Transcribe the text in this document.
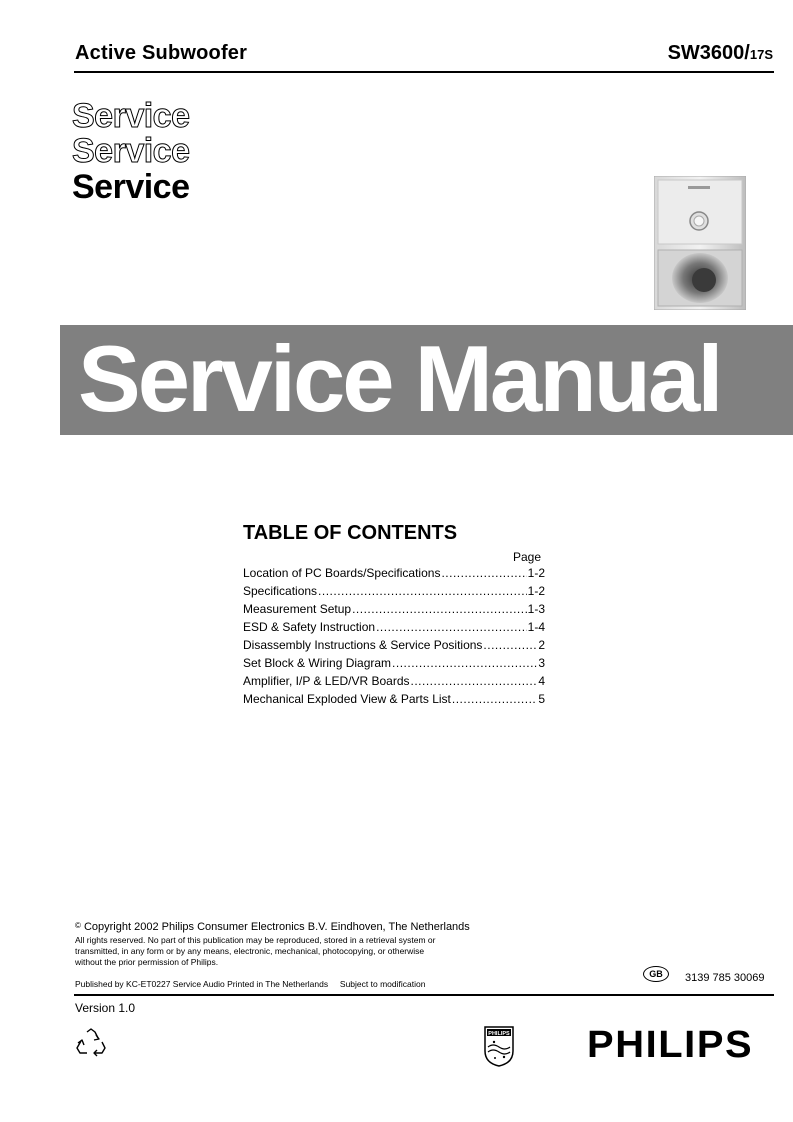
Active Subwoofer	SW3600/17S
Service
Service
Service
Service Manual
TABLE OF CONTENTS
Page
Location of PC Boards/Specifications .....	1-2
Specifications .....	1-2
Measurement Setup .....	1-3
ESD & Safety Instruction .....	1-4
Disassembly Instructions & Service Positions .....	2
Set Block & Wiring Diagram .....	3
Amplifier, I/P & LED/VR Boards .....	4
Mechanical Exploded View & Parts List .....	5
© Copyright 2002 Philips Consumer Electronics B.V. Eindhoven, The Netherlands
All rights reserved. No part of this publication may be reproduced, stored in a retrieval system or
transmitted, in any form or by any means, electronic, mechanical, photocopying, or otherwise
without the prior permission of Philips.
Published by KC-ET0227 Service Audio Printed in The Netherlands     Subject to modification
GB	3139 785 30069
Version 1.0
PHILIPS PHILIPS
